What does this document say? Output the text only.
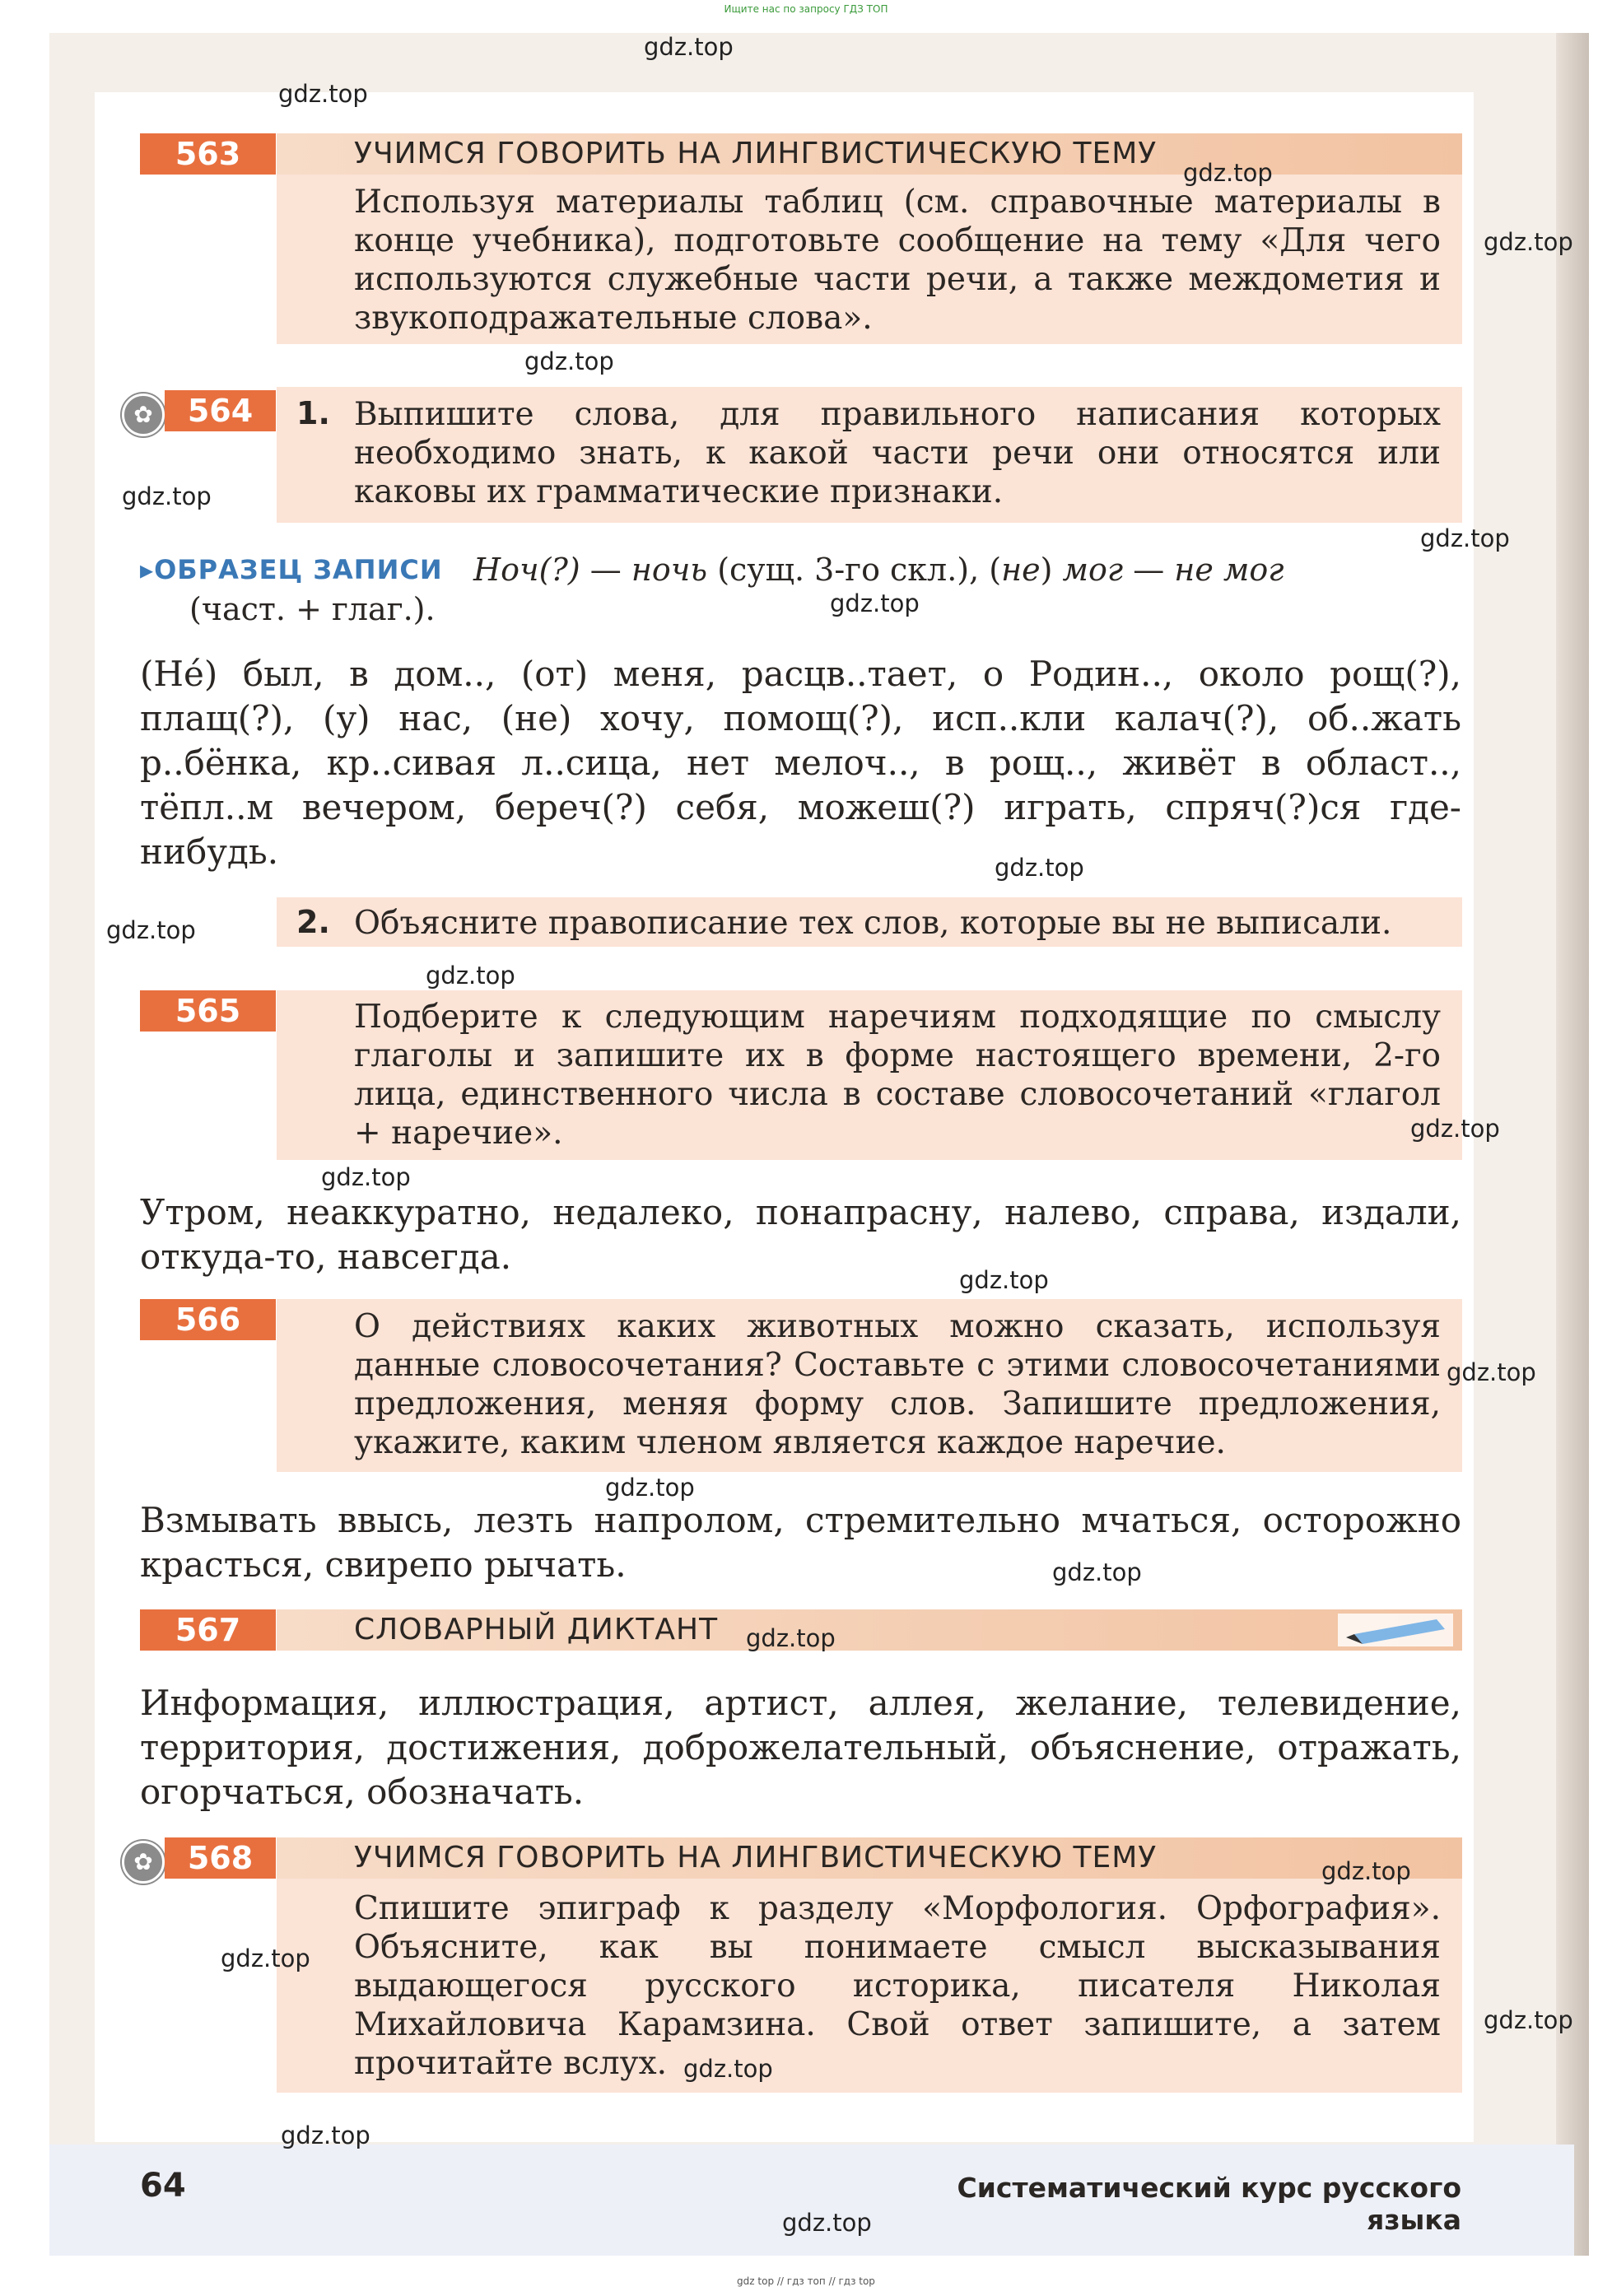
Ищите нас по запросу ГДЗ ТОП
563	УЧИМСЯ ГОВОРИТЬ НА ЛИНГВИСТИЧЕСКУЮ ТЕМУ
Используя материалы таблиц (см. справочные материалы в конце учебника), подготовьте сообщение на тему «Для чего используются служебные части речи, а также междометия и звукоподражательные слова».
✿	564	1. Выпишите слова, для правильного написания которых необходимо знать, к какой части речи они относятся или каковы их грамматические признаки.
▸ОБРАЗЕЦ ЗАПИСИ Ноч(?) — ночь (сущ. 3-го скл.), (не) мог — не мог
(част. + глаг.).
(Не́) был, в дом.., (от) меня, расцв..тает, о Родин.., около рощ(?), плащ(?), (у) нас, (не) хочу, помощ(?), исп..кли калач(?), об..жать р..бёнка, кр..сивая л..сица, нет мелоч.., в рощ.., живёт в област.., тёпл..м вечером, береч(?) себя, можеш(?) играть, спряч(?)ся где-нибудь.
2. Объясните правописание тех слов, которые вы не выписали.
565	Подберите к следующим наречиям подходящие по смыслу глаголы и запишите их в форме настоящего времени, 2-го лица, единственного числа в составе словосочетаний «глагол + наречие».
Утром, неаккуратно, недалеко, понапрасну, налево, справа, издали, откуда-то, навсегда.
566	О действиях каких животных можно сказать, используя данные словосочетания? Составьте с этими словосочетаниями предложения, меняя форму слов. Запишите предложения, укажите, каким членом является каждое наречие.
Взмывать ввысь, лезть напролом, стремительно мчаться, осторожно красться, свирепо рычать.
567	СЛОВАРНЫЙ ДИКТАНТ
Информация, иллюстрация, артист, аллея, желание, телевидение, территория, достижения, доброжелательный, объяснение, отражать, огорчаться, обозначать.
✿	568	УЧИМСЯ ГОВОРИТЬ НА ЛИНГВИСТИЧЕСКУЮ ТЕМУ
Спишите эпиграф к разделу «Морфология. Орфография». Объясните, как вы понимаете смысл высказывания выдающегося русского историка, писателя Николая Михайловича Карамзина. Свой ответ запишите, а затем прочитайте вслух.
64	Систематический курс русского языка
gdz.top
gdz.top
gdz.top
gdz.top
gdz.top
gdz.top
gdz.top
gdz.top
gdz.top
gdz.top
gdz.top
gdz.top
gdz.top
gdz.top
gdz.top
gdz.top
gdz.top
gdz.top
gdz.top
gdz.top
gdz.top
gdz.top
gdz.top
gdz.top
gdz top // гдз топ // гдз top
